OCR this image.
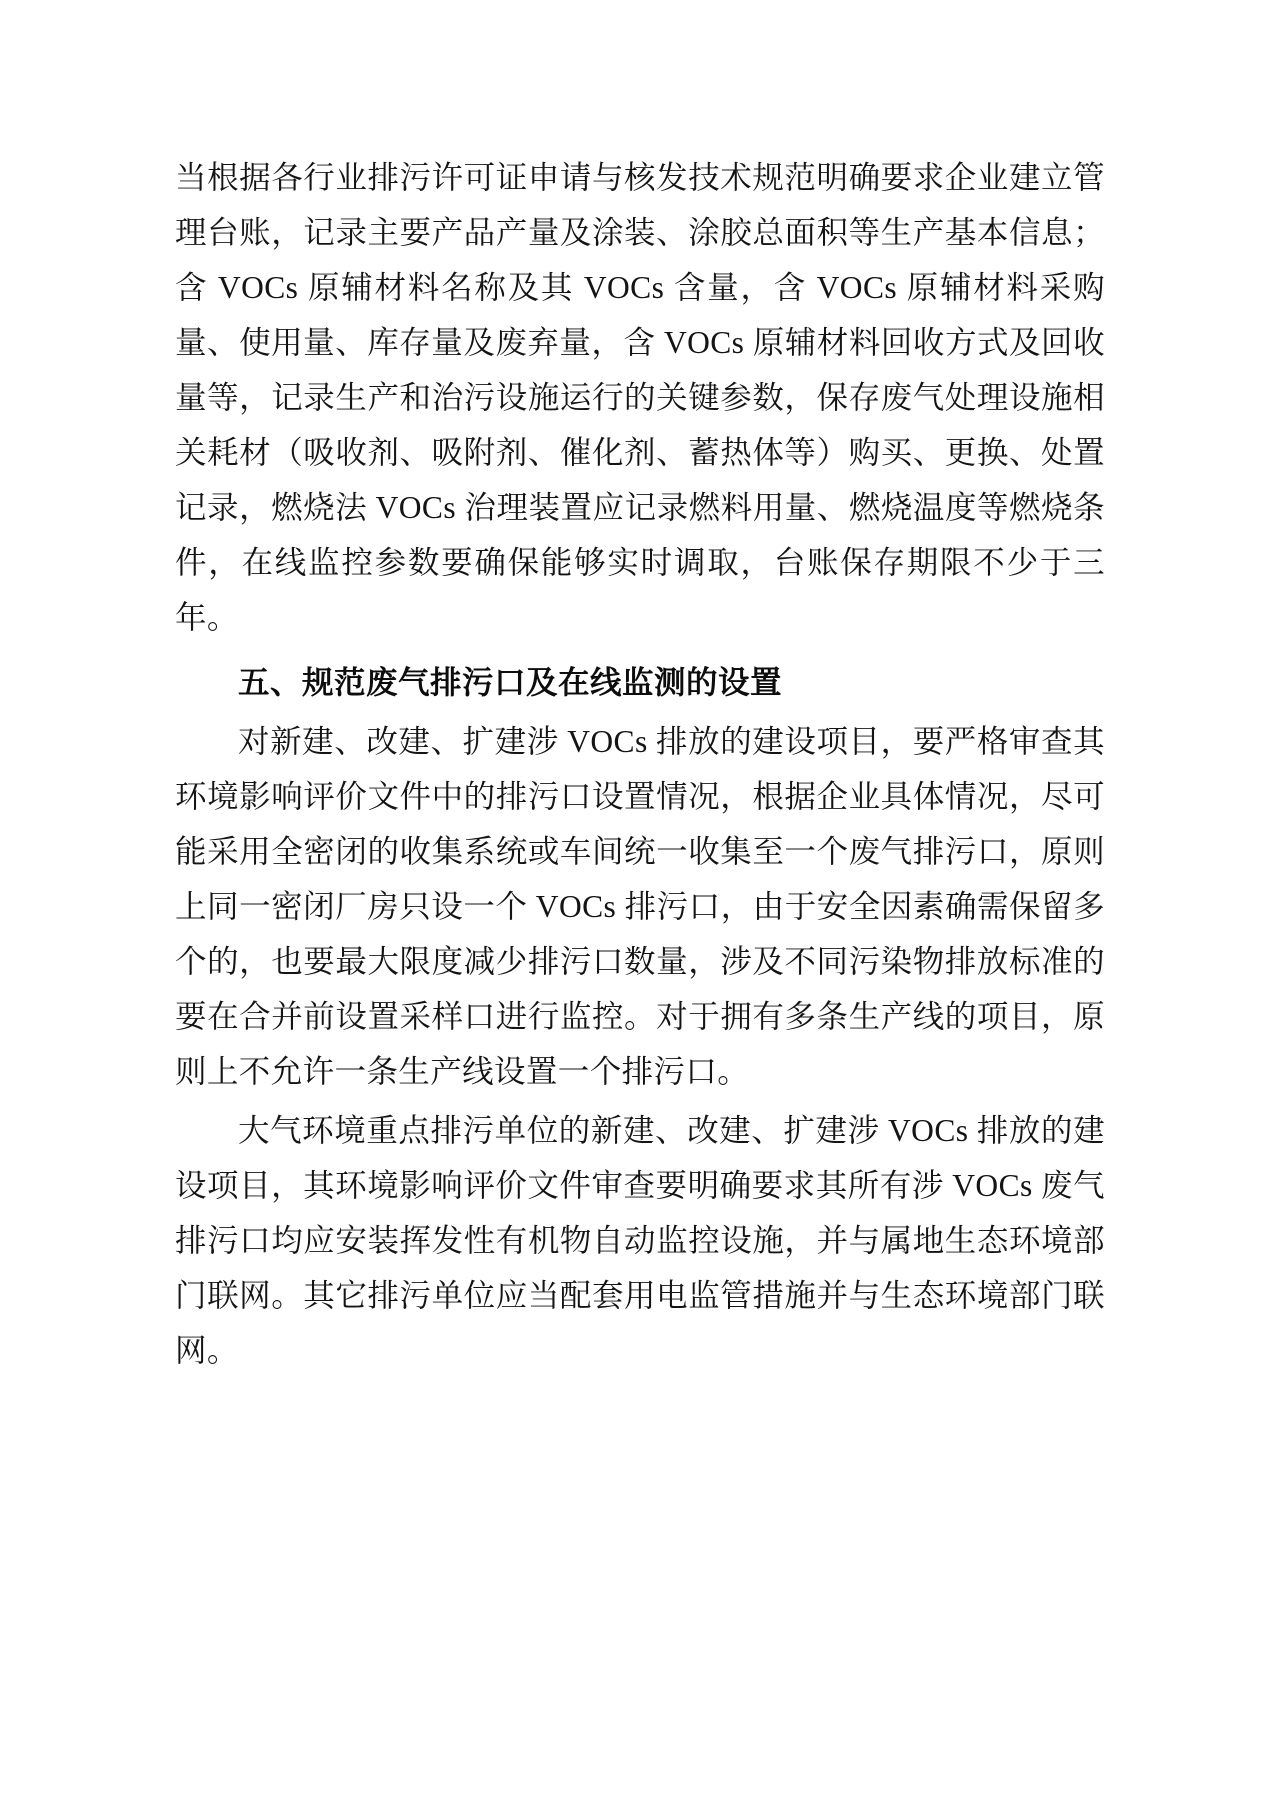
当根据各行业排污许可证申请与核发技术规范明确要求企业建立管理台账，记录主要产品产量及涂装、涂胶总面积等生产基本信息；含 VOCs 原辅材料名称及其 VOCs 含量，含 VOCs 原辅材料采购量、使用量、库存量及废弃量，含 VOCs 原辅材料回收方式及回收量等，记录生产和治污设施运行的关键参数，保存废气处理设施相关耗材（吸收剂、吸附剂、催化剂、蓄热体等）购买、更换、处置记录，燃烧法 VOCs 治理装置应记录燃料用量、燃烧温度等燃烧条件，在线监控参数要确保能够实时调取，台账保存期限不少于三年。

五、规范废气排污口及在线监测的设置

对新建、改建、扩建涉 VOCs 排放的建设项目，要严格审查其环境影响评价文件中的排污口设置情况，根据企业具体情况，尽可能采用全密闭的收集系统或车间统一收集至一个废气排污口，原则上同一密闭厂房只设一个 VOCs 排污口，由于安全因素确需保留多个的，也要最大限度减少排污口数量，涉及不同污染物排放标准的要在合并前设置采样口进行监控。对于拥有多条生产线的项目，原则上不允许一条生产线设置一个排污口。

大气环境重点排污单位的新建、改建、扩建涉 VOCs 排放的建设项目，其环境影响评价文件审查要明确要求其所有涉 VOCs 废气排污口均应安装挥发性有机物自动监控设施，并与属地生态环境部门联网。其它排污单位应当配套用电监管措施并与生态环境部门联网。
